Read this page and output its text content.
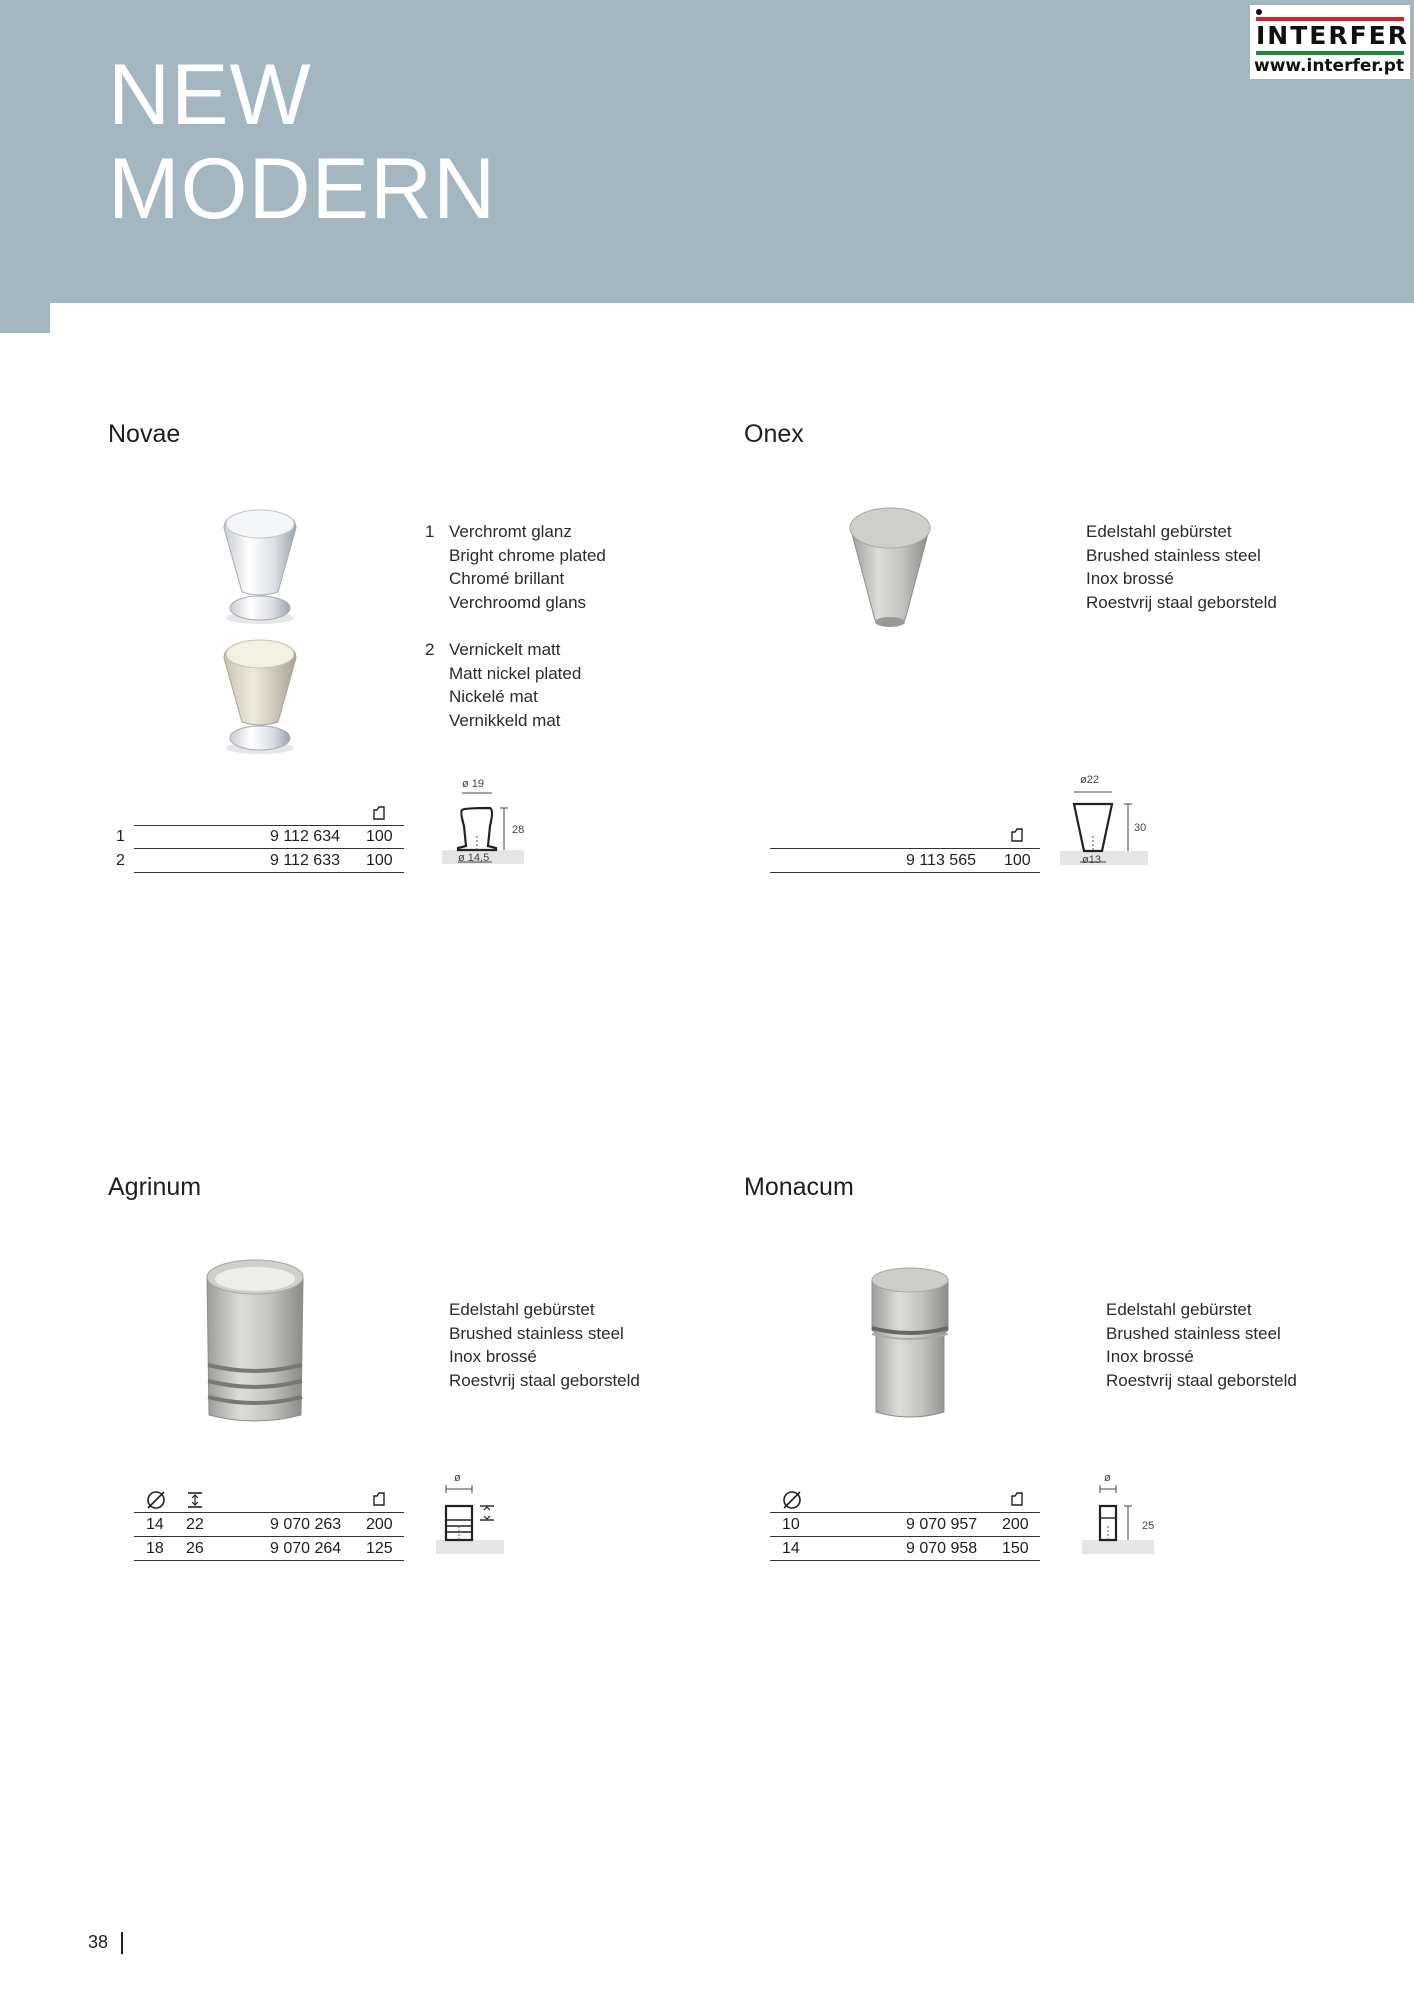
NEW
MODERN
INTERFER
www.interfer.pt
Novae
1 Verchromt glanz
Bright chrome plated
Chromé brillant
Verchroomd glans
2 Vernickelt matt
Matt nickel plated
Nickelé mat
Vernikkeld mat
1	9 112 634 100
2	9 112 633 100
ø 19
28
ø 14,5
Onex
Edelstahl gebürstet
Brushed stainless steel
Inox brossé
Roestvrij staal geborsteld
9 113 565 100
ø22
30
ø13
Agrinum
Edelstahl gebürstet
Brushed stainless steel
Inox brossé
Roestvrij staal geborsteld
14 22	9 070 263 200
18 26	9 070 264 125
ø
Monacum
Edelstahl gebürstet
Brushed stainless steel
Inox brossé
Roestvrij staal geborsteld
10	9 070 957 200
14	9 070 958 150
ø
25
38
